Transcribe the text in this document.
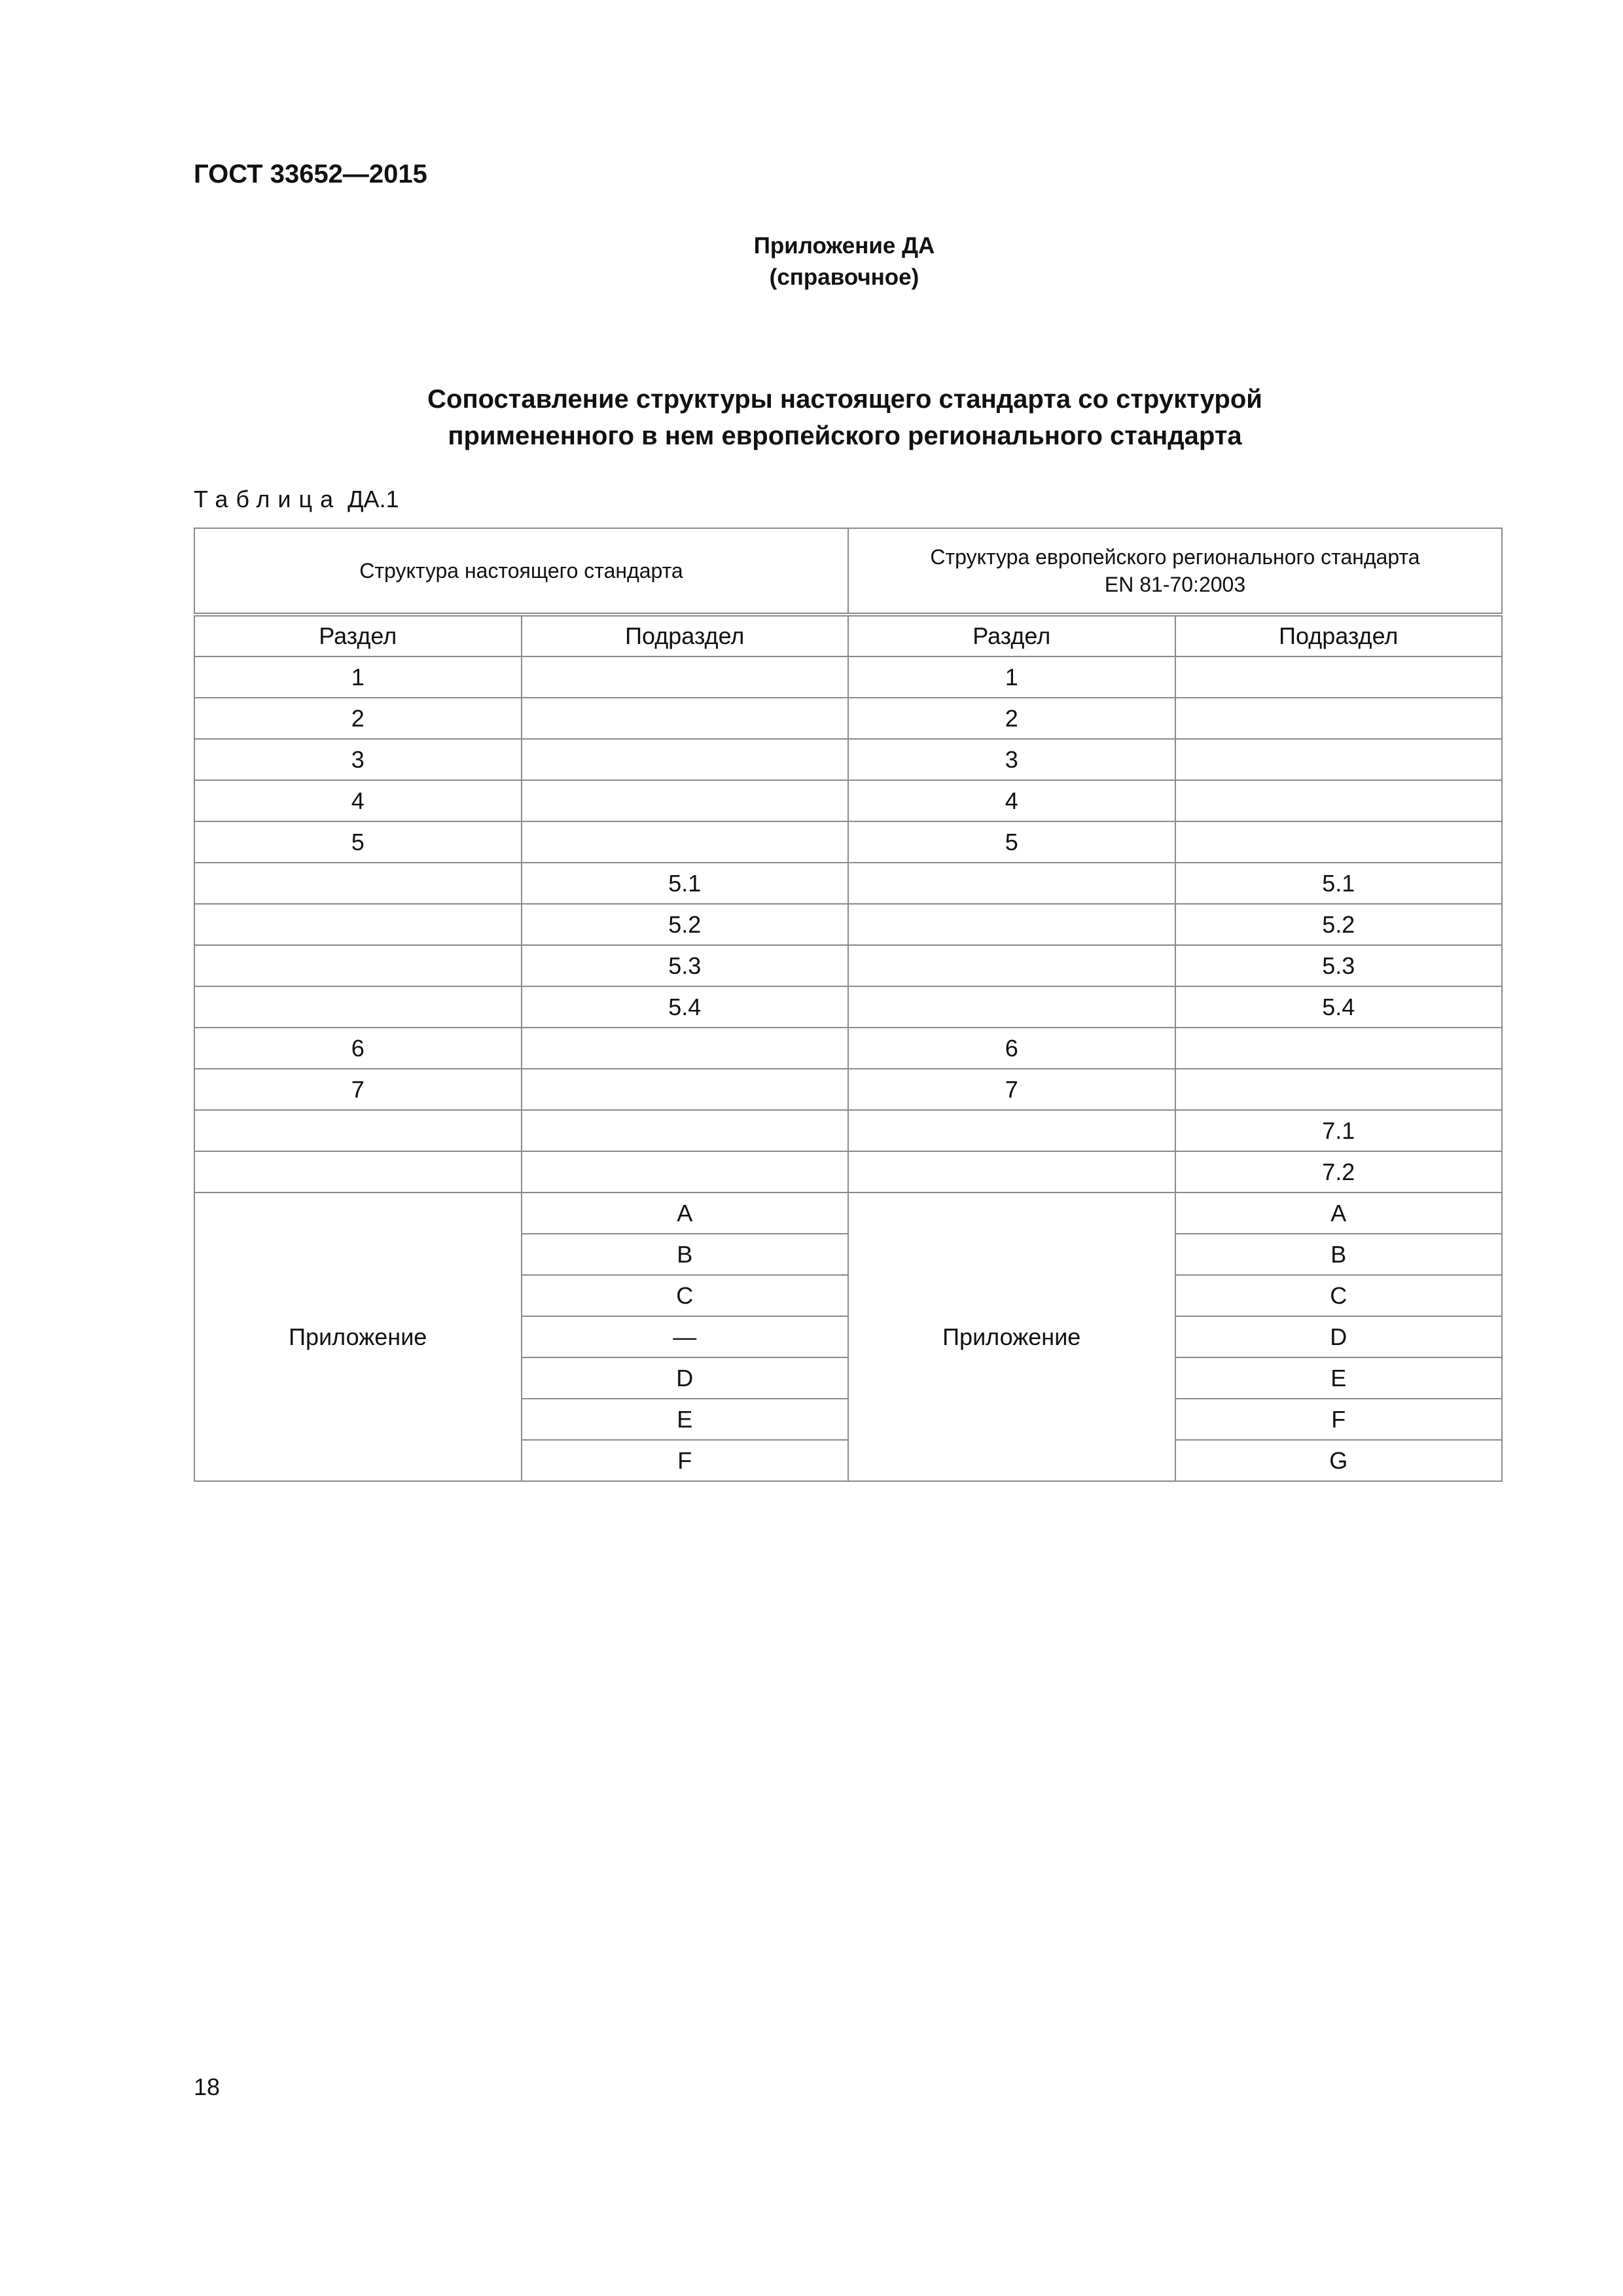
ГОСТ 33652—2015
Приложение ДА
(справочное)
Сопоставление структуры настоящего стандарта со структурой
примененного в нем европейского регионального стандарта
Таблица ДА.1
Структура настоящего стандарта		Структура европейского регионального стандарта
EN 81-70:2003	

Раздел	Подраздел	Раздел	Подраздел
1		1	
2		2	
3		3	
4		4	
5		5	
	5.1		5.1
	5.2		5.2
	5.3		5.3
	5.4		5.4
6		6	
7		7	
			7.1
			7.2
Приложение	A	Приложение	A
	B		B
	C		C
	—		D
	D		E
	E		F
	F		G
18
